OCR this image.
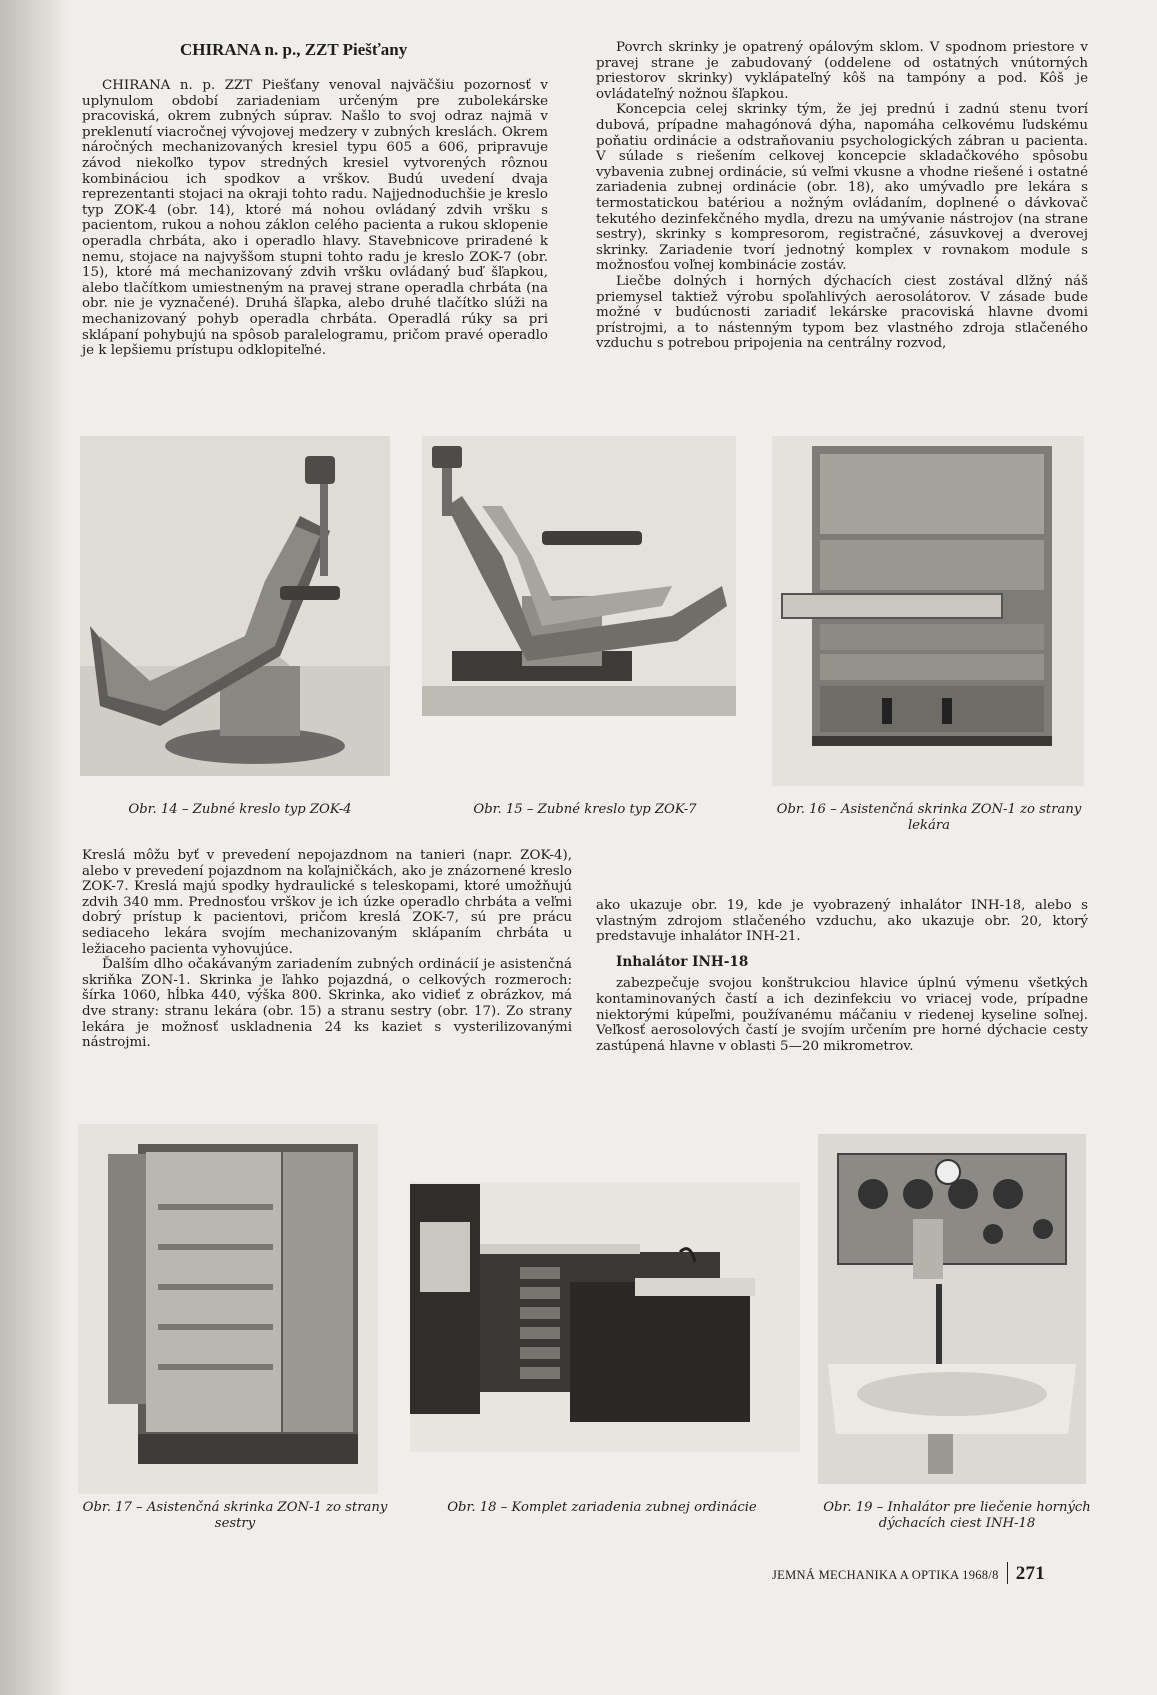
CHIRANA n. p., ZZT Piešťany

CHIRANA n. p. ZZT Piešťany venoval najväčšiu pozornosť v uplynulom období zariadeniam určeným pre zubolekárske pracoviská, okrem zubných súprav. Našlo to svoj odraz najmä v preklenutí viacročnej vývojovej medzery v zubných kreslách. Okrem náročných mechanizovaných kresiel typu 605 a 606, pripravuje závod niekoľko typov stredných kresiel vytvorených rôznou kombináciou ich spodkov a vrškov. Budú uvedení dvaja reprezentanti stojaci na okraji tohto radu. Najjednoduchšie je kreslo typ ZOK-4 (obr. 14), ktoré má nohou ovládaný zdvih vršku s pacientom, rukou a nohou záklon celého pacienta a rukou sklopenie operadla chrbáta, ako i operadlo hlavy. Stavebnicove priradené k nemu, stojace na najvyššom stupni tohto radu je kreslo ZOK-7 (obr. 15), ktoré má mechanizovaný zdvih vršku ovládaný buď šľapkou, alebo tlačítkom umiestneným na pravej strane operadla chrbáta (na obr. nie je vyznačené). Druhá šľapka, alebo druhé tlačítko slúži na mechanizovaný pohyb operadla chrbáta. Operadlá rúky sa pri sklápaní pohybujú na spôsob paralelogramu, pričom pravé operadlo je k lepšiemu prístupu odklopiteľné.

Povrch skrinky je opatrený opálovým sklom. V spodnom priestore v pravej strane je zabudovaný (oddelene od ostatných vnútorných priestorov skrinky) vyklápateľný kôš na tampóny a pod. Kôš je ovládateľný nožnou šľapkou.

Koncepcia celej skrinky tým, že jej prednú i zadnú stenu tvorí dubová, prípadne mahagónová dýha, napomáha celkovému ľudskému poňatiu ordinácie a odstraňovaniu psychologických zábran u pacienta. V súlade s riešením celkovej koncepcie skladačkového spôsobu vybavenia zubnej ordinácie, sú veľmi vkusne a vhodne riešené i ostatné zariadenia zubnej ordinácie (obr. 18), ako umývadlo pre lekára s termostatickou batériou a nožným ovládaním, doplnené o dávkovač tekutého dezinfekčného mydla, drezu na umývanie nástrojov (na strane sestry), skrinky s kompresorom, registračné, zásuvkovej a dverovej skrinky. Zariadenie tvorí jednotný komplex v rovnakom module s možnosťou voľnej kombinácie zostáv.

Liečbe dolných i horných dýchacích ciest zostával dlžný náš priemysel taktiež výrobu spoľahlivých aerosolátorov. V zásade bude možné v budúcnosti zariadiť lekárske pracoviská hlavne dvomi prístrojmi, a to nástenným typom bez vlastného zdroja stlačeného vzduchu s potrebou pripojenia na centrálny rozvod,

Obr. 14 – Zubné kreslo typ ZOK-4	Obr. 15 – Zubné kreslo typ ZOK-7	Obr. 16 – Asistenčná skrinka ZON-1 zo strany lekára

Kreslá môžu byť v prevedení nepojazdnom na tanieri (napr. ZOK-4), alebo v prevedení pojazdnom na koľajničkách, ako je znázornené kreslo ZOK-7. Kreslá majú spodky hydraulické s teleskopami, ktoré umožňujú zdvih 340 mm. Prednosťou vrškov je ich úzke operadlo chrbáta a veľmi dobrý prístup k pacientovi, pričom kreslá ZOK-7, sú pre prácu sediaceho lekára svojím mechanizovaným sklápaním chrbáta u ležiaceho pacienta vyhovujúce.

Ďalším dlho očakávaným zariadením zubných ordinácií je asistenčná skriňka ZON-1. Skrinka je ľahko pojazdná, o celkových rozmeroch: šírka 1060, hĺbka 440, výška 800. Skrinka, ako vidieť z obrázkov, má dve strany: stranu lekára (obr. 15) a stranu sestry (obr. 17). Zo strany lekára je možnosť uskladnenia 24 ks kaziet s vysterilizovanými nástrojmi.

ako ukazuje obr. 19, kde je vyobrazený inhalátor INH-18, alebo s vlastným zdrojom stlačeného vzduchu, ako ukazuje obr. 20, ktorý predstavuje inhalátor INH-21.

Inhalátor INH-18

zabezpečuje svojou konštrukciou hlavice úplnú výmenu všetkých kontaminovaných častí a ich dezinfekciu vo vriacej vode, prípadne niektorými kúpeľmi, používanému máčaniu v riedenej kyseline soľnej. Veľkosť aerosolových častí je svojím určením pre horné dýchacie cesty zastúpená hlavne v oblasti 5—20 mikrometrov.

Obr. 17 – Asistenčná skrinka ZON-1 zo strany sestry
Obr. 18 – Komplet zariadenia zubnej ordinácie	Obr. 19 – Inhalátor pre liečenie horných dýchacích ciest INH-18
JEMNÁ MECHANIKA A OPTIKA 1968/8 271
